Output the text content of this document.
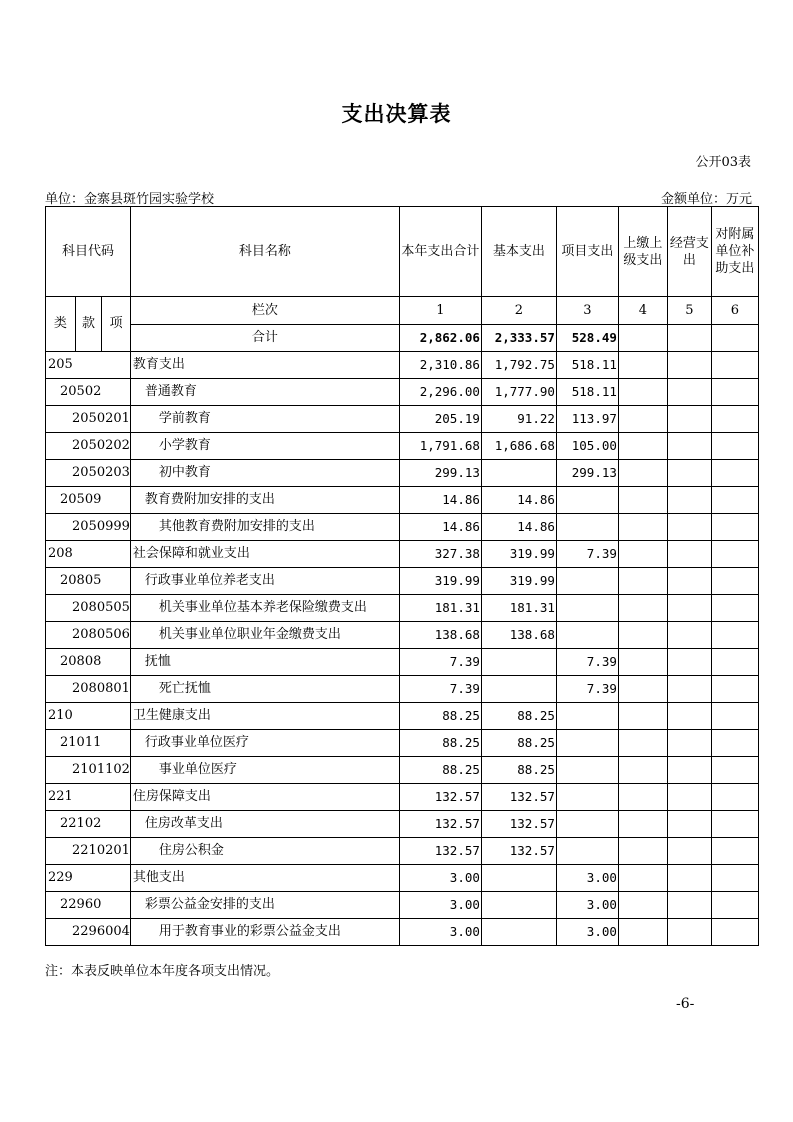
支出决算表
公开03表
单位：金寨县斑竹园实验学校	金额单位：万元
科目代码			科目名称	本年支出合计	基本支出	项目支出	上缴上级支出	经营支出	对附属单位补助支出
类	款	项	栏次	1	2	3	4	5	6
			合计	2,862.06	2,333.57	528.49			
205			教育支出	2,310.86	1,792.75	518.11			
20502			普通教育	2,296.00	1,777.90	518.11			
2050201			学前教育	205.19	91.22	113.97			
2050202			小学教育	1,791.68	1,686.68	105.00			
2050203			初中教育	299.13		299.13			
20509			教育费附加安排的支出	14.86	14.86				
2050999			其他教育费附加安排的支出	14.86	14.86				
208			社会保障和就业支出	327.38	319.99	7.39			
20805			行政事业单位养老支出	319.99	319.99				
2080505			机关事业单位基本养老保险缴费支出	181.31	181.31				
2080506			机关事业单位职业年金缴费支出	138.68	138.68				
20808			抚恤	7.39		7.39			
2080801			死亡抚恤	7.39		7.39			
210			卫生健康支出	88.25	88.25				
21011			行政事业单位医疗	88.25	88.25				
2101102			事业单位医疗	88.25	88.25				
221			住房保障支出	132.57	132.57				
22102			住房改革支出	132.57	132.57				
2210201			住房公积金	132.57	132.57				
229			其他支出	3.00		3.00			
22960			彩票公益金安排的支出	3.00		3.00			
2296004			用于教育事业的彩票公益金支出	3.00		3.00			
注：本表反映单位本年度各项支出情况。
-6-
